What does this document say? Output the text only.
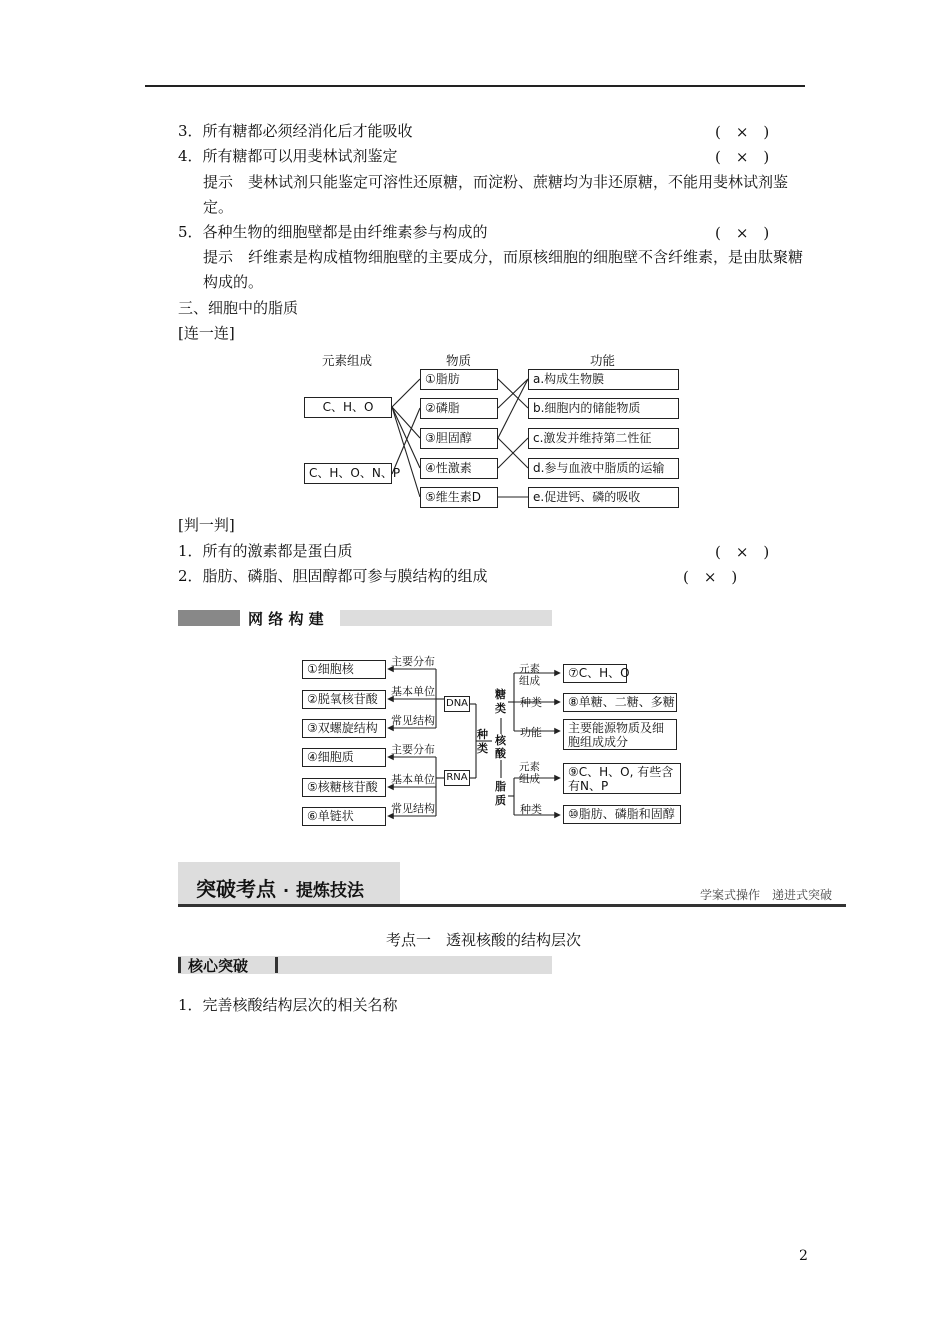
3．所有糖都必须经消化后才能吸收	(　×　)
4．所有糖都可以用斐林试剂鉴定	(　×　)
提示　斐林试剂只能鉴定可溶性还原糖，而淀粉、蔗糖均为非还原糖，不能用斐林试剂鉴定。
5．各种生物的细胞壁都是由纤维素参与构成的	(　×　)
提示　纤维素是构成植物细胞壁的主要成分，而原核细胞的细胞壁不含纤维素，是由肽聚糖构成的。
三、细胞中的脂质
[连一连]
元素组成	物质	功能
C、H、O
C、H、O、N、P
①脂肪
②磷脂
③胆固醇
④性激素
⑤维生素D
a.构成生物膜
b.细胞内的储能物质
c.激发并维持第二性征
d.参与血液中脂质的运输
e.促进钙、磷的吸收
[判一判]
1．所有的激素都是蛋白质	(　×　)
2．脂肪、磷脂、胆固醇都可参与膜结构的组成	(　×　)
网 络 构 建
①细胞核
②脱氧核苷酸
③双螺旋结构
④细胞质
⑤核糖核苷酸
⑥单链状
主要分布
基本单位
常见结构
主要分布
基本单位
常见结构
DNA
RNA
种类
糖类
核酸
脂质
元素组成
种类
功能
元素组成
种类
⑦C、H、O
⑧单糖、二糖、多糖
主要能源物质及细胞组成成分
⑨C、H、O, 有些含有N、P
⑩脂肪、磷脂和固醇
突破考点 · 提炼技法	学案式操作　递进式突破
考点一　透视核酸的结构层次
核心突破
1．完善核酸结构层次的相关名称
2
